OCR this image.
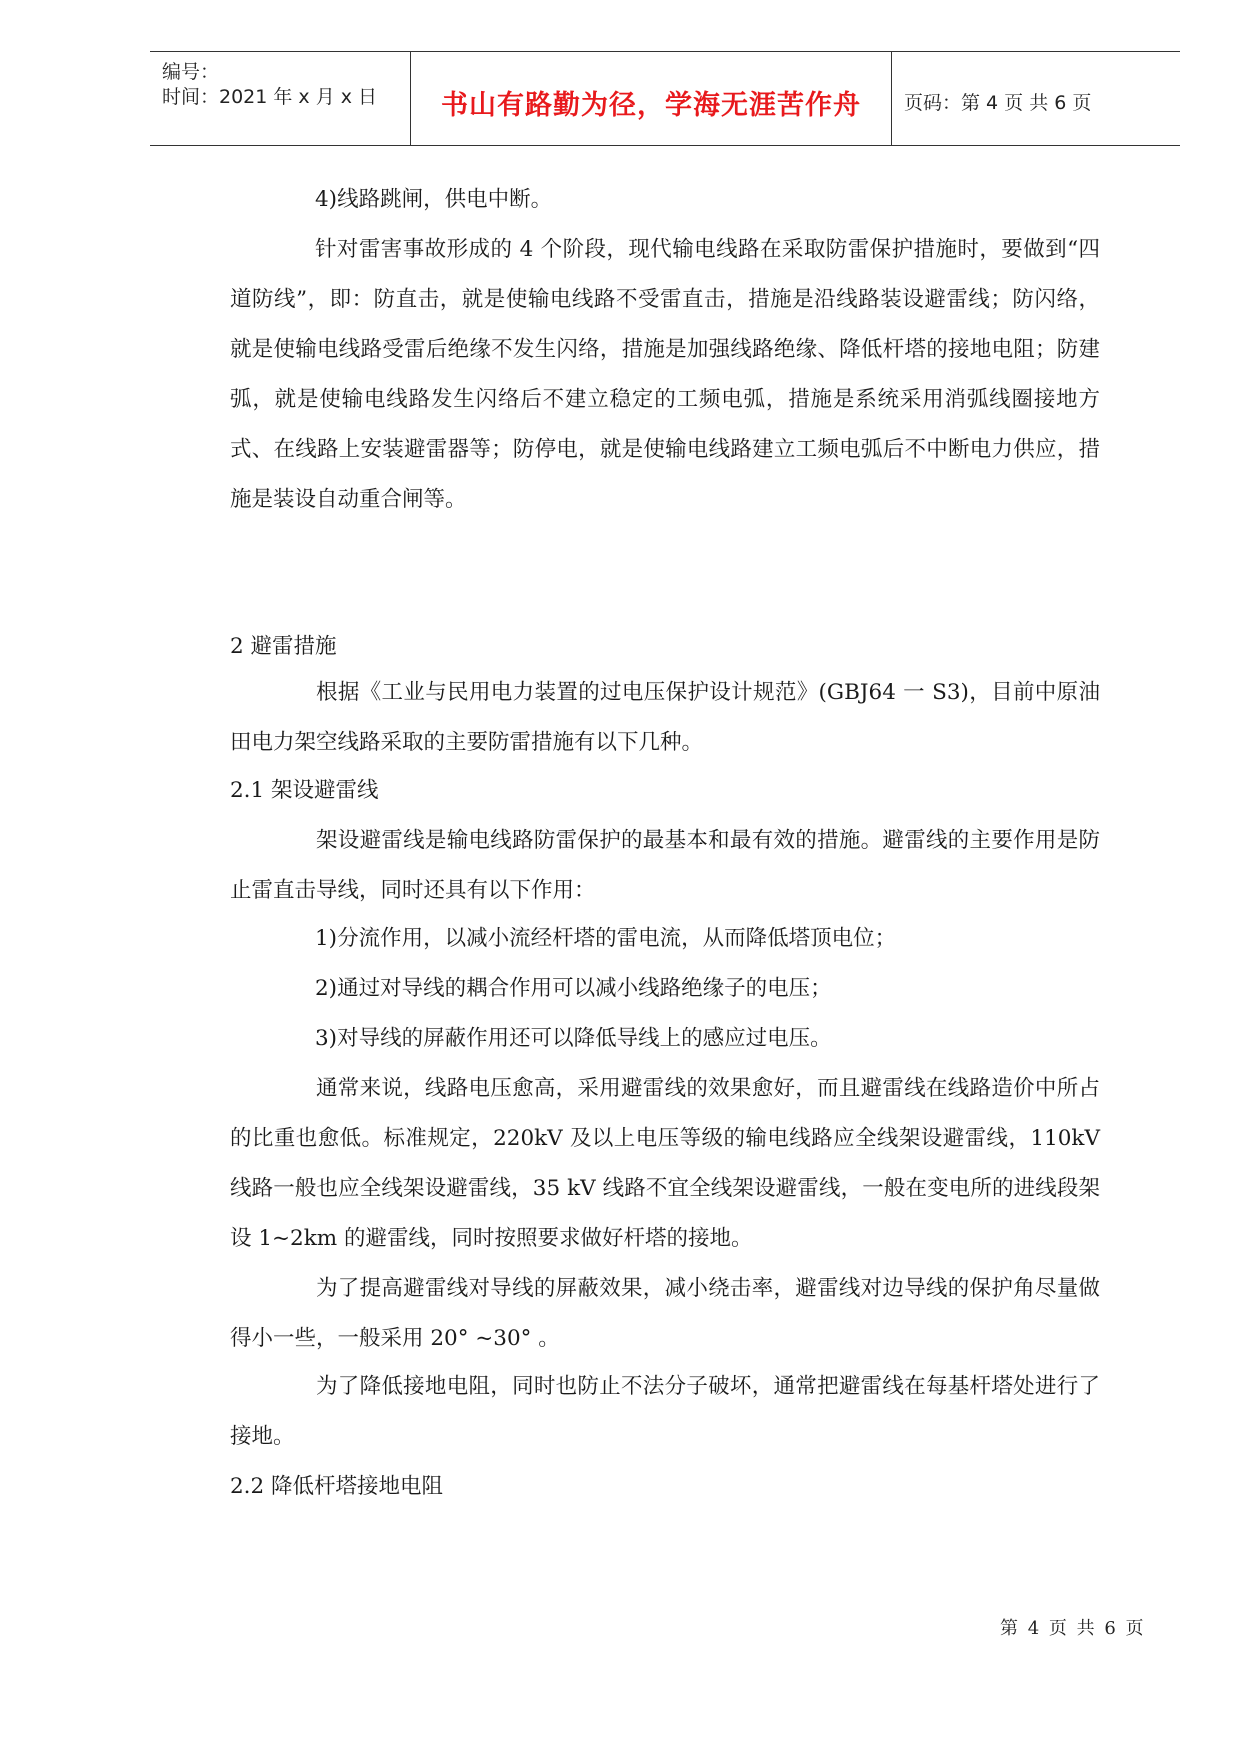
编号：
时间：2021 年 x 月 x 日	书山有路勤为径，学海无涯苦作舟	页码：第 4 页 共 6 页
4)线路跳闸，供电中断。
针对雷害事故形成的 4 个阶段，现代输电线路在采取防雷保护措施时，要做到“四道防线”，即：防直击，就是使输电线路不受雷直击，措施是沿线路装设避雷线；防闪络，就是使输电线路受雷后绝缘不发生闪络，措施是加强线路绝缘、降低杆塔的接地电阻；防建弧，就是使输电线路发生闪络后不建立稳定的工频电弧，措施是系统采用消弧线圈接地方式、在线路上安装避雷器等；防停电，就是使输电线路建立工频电弧后不中断电力供应，措施是装设自动重合闸等。
2 避雷措施
根据《工业与民用电力装置的过电压保护设计规范》(GBJ64 一 S3)，目前中原油田电力架空线路采取的主要防雷措施有以下几种。
2.1 架设避雷线
架设避雷线是输电线路防雷保护的最基本和最有效的措施。避雷线的主要作用是防止雷直击导线，同时还具有以下作用：
1)分流作用，以减小流经杆塔的雷电流，从而降低塔顶电位；
2)通过对导线的耦合作用可以减小线路绝缘子的电压；
3)对导线的屏蔽作用还可以降低导线上的感应过电压。
通常来说，线路电压愈高，采用避雷线的效果愈好，而且避雷线在线路造价中所占的比重也愈低。标准规定，220kV 及以上电压等级的输电线路应全线架设避雷线，110kV 线路一般也应全线架设避雷线，35 kV 线路不宜全线架设避雷线，一般在变电所的进线段架设 1~2km 的避雷线，同时按照要求做好杆塔的接地。
为了提高避雷线对导线的屏蔽效果，减小绕击率，避雷线对边导线的保护角尽量做得小一些，一般采用 20° ~30° 。
为了降低接地电阻，同时也防止不法分子破坏，通常把避雷线在每基杆塔处进行了接地。
2.2 降低杆塔接地电阻
第 4 页 共 6 页
